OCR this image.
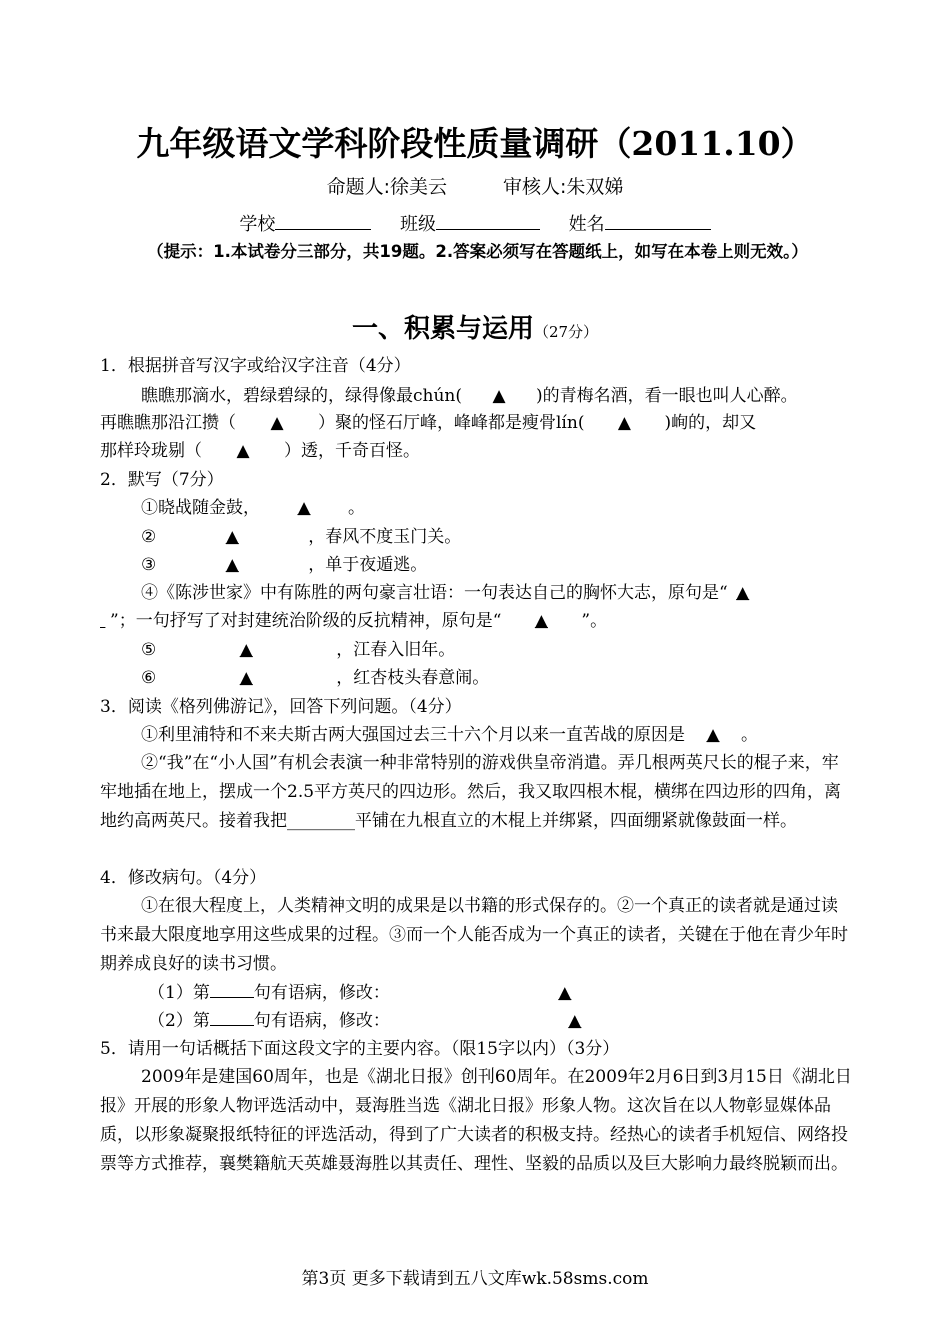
九年级语文学科阶段性质量调研（2011.10）
命题人:徐美云	审核人:朱双娣
学校	班级	姓名
（提示：1.本试卷分三部分，共19题。2.答案必须写在答题纸上，如写在本卷上则无效。）
一、积累与运用（27分）
1．根据拼音写汉字或给汉字注音（4分）
瞧瞧那滴水，碧绿碧绿的，绿得像最chún( ▲ )的青梅名酒，看一眼也叫人心醉。
再瞧瞧那沿江攒（ ▲ ）聚的怪石厅峰，峰峰都是瘦骨lín( ▲ )峋的，却又
那样玲珑剔（ ▲ ）透，千奇百怪。
2．默写（7分）
①晓战随金鼓， ▲ 。
②	▲	，春风不度玉门关。
③	▲	，单于夜遁逃。
④《陈涉世家》中有陈胜的两句豪言壮语：一句表达自己的胸怀大志，原句是“ ▲
”；一句抒写了对封建统治阶级的反抗精神，原句是“ ▲ ”。
⑤	▲	，江春入旧年。
⑥	▲	，红杏枝头春意闹。
3．阅读《格列佛游记》，回答下列问题。（4分）
①利里浦特和不来夫斯古两大强国过去三十六个月以来一直苦战的原因是 ▲ 。
②“我”在“小人国”有机会表演一种非常特别的游戏供皇帝消遣。弄几根两英尺长的棍子来，牢牢地插在地上，摆成一个2.5平方英尺的四边形。然后，我又取四根木棍，横绑在四边形的四角，离地约高两英尺。接着我把________平铺在九根直立的木棍上并绑紧，四面绷紧就像鼓面一样。
4．修改病句。（4分）
①在很大程度上，人类精神文明的成果是以书籍的形式保存的。②一个真正的读者就是通过读书来最大限度地享用这些成果的过程。③而一个人能否成为一个真正的读者，关键在于他在青少年时期养成良好的读书习惯。
（1）第	句有语病，修改：	▲
（2）第	句有语病，修改：	▲
5．请用一句话概括下面这段文字的主要内容。（限15字以内）（3分）
2009年是建国60周年，也是《湖北日报》创刊60周年。在2009年2月6日到3月15日《湖北日报》开展的形象人物评选活动中，聂海胜当选《湖北日报》形象人物。这次旨在以人物彰显媒体品质，以形象凝聚报纸特征的评选活动，得到了广大读者的积极支持。经热心的读者手机短信、网络投票等方式推荐，襄樊籍航天英雄聂海胜以其责任、理性、坚毅的品质以及巨大影响力最终脱颖而出。
第3页 更多下载请到五八文库wk.58sms.com
